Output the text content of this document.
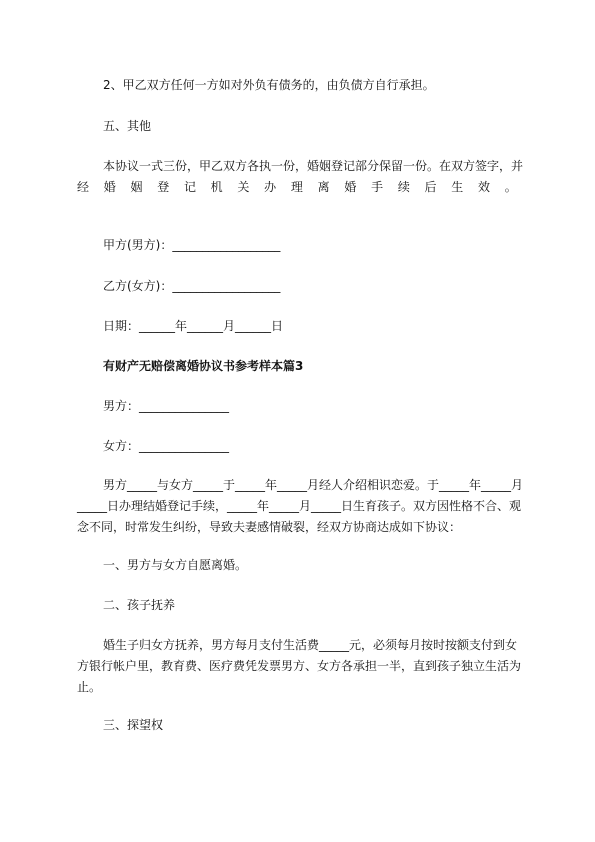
2、甲乙双方任何一方如对外负有债务的，由负债方自行承担。
五、其他
本协议一式三份，甲乙双方各执一份，婚姻登记部分保留一份。在双方签字，并
经 婚 姻 登 记 机 关 办 理 离 婚 手 续 后 生 效 。
甲方(男方)：__________________
乙方(女方)：__________________
日期：______年______月______日
有财产无赔偿离婚协议书参考样本篇3
男方：_______________
女方：_______________
男方_____与女方_____于_____年_____月经人介绍相识恋爱。于_____年_____月
_____日办理结婚登记手续，_____年_____月_____日生育孩子。双方因性格不合、观
念不同，时常发生纠纷，导致夫妻感情破裂，经双方协商达成如下协议：
一、男方与女方自愿离婚。
二、孩子抚养
婚生子归女方抚养，男方每月支付生活费_____元，必须每月按时按额支付到女
方银行帐户里，教育费、医疗费凭发票男方、女方各承担一半，直到孩子独立生活为
止。
三、探望权
